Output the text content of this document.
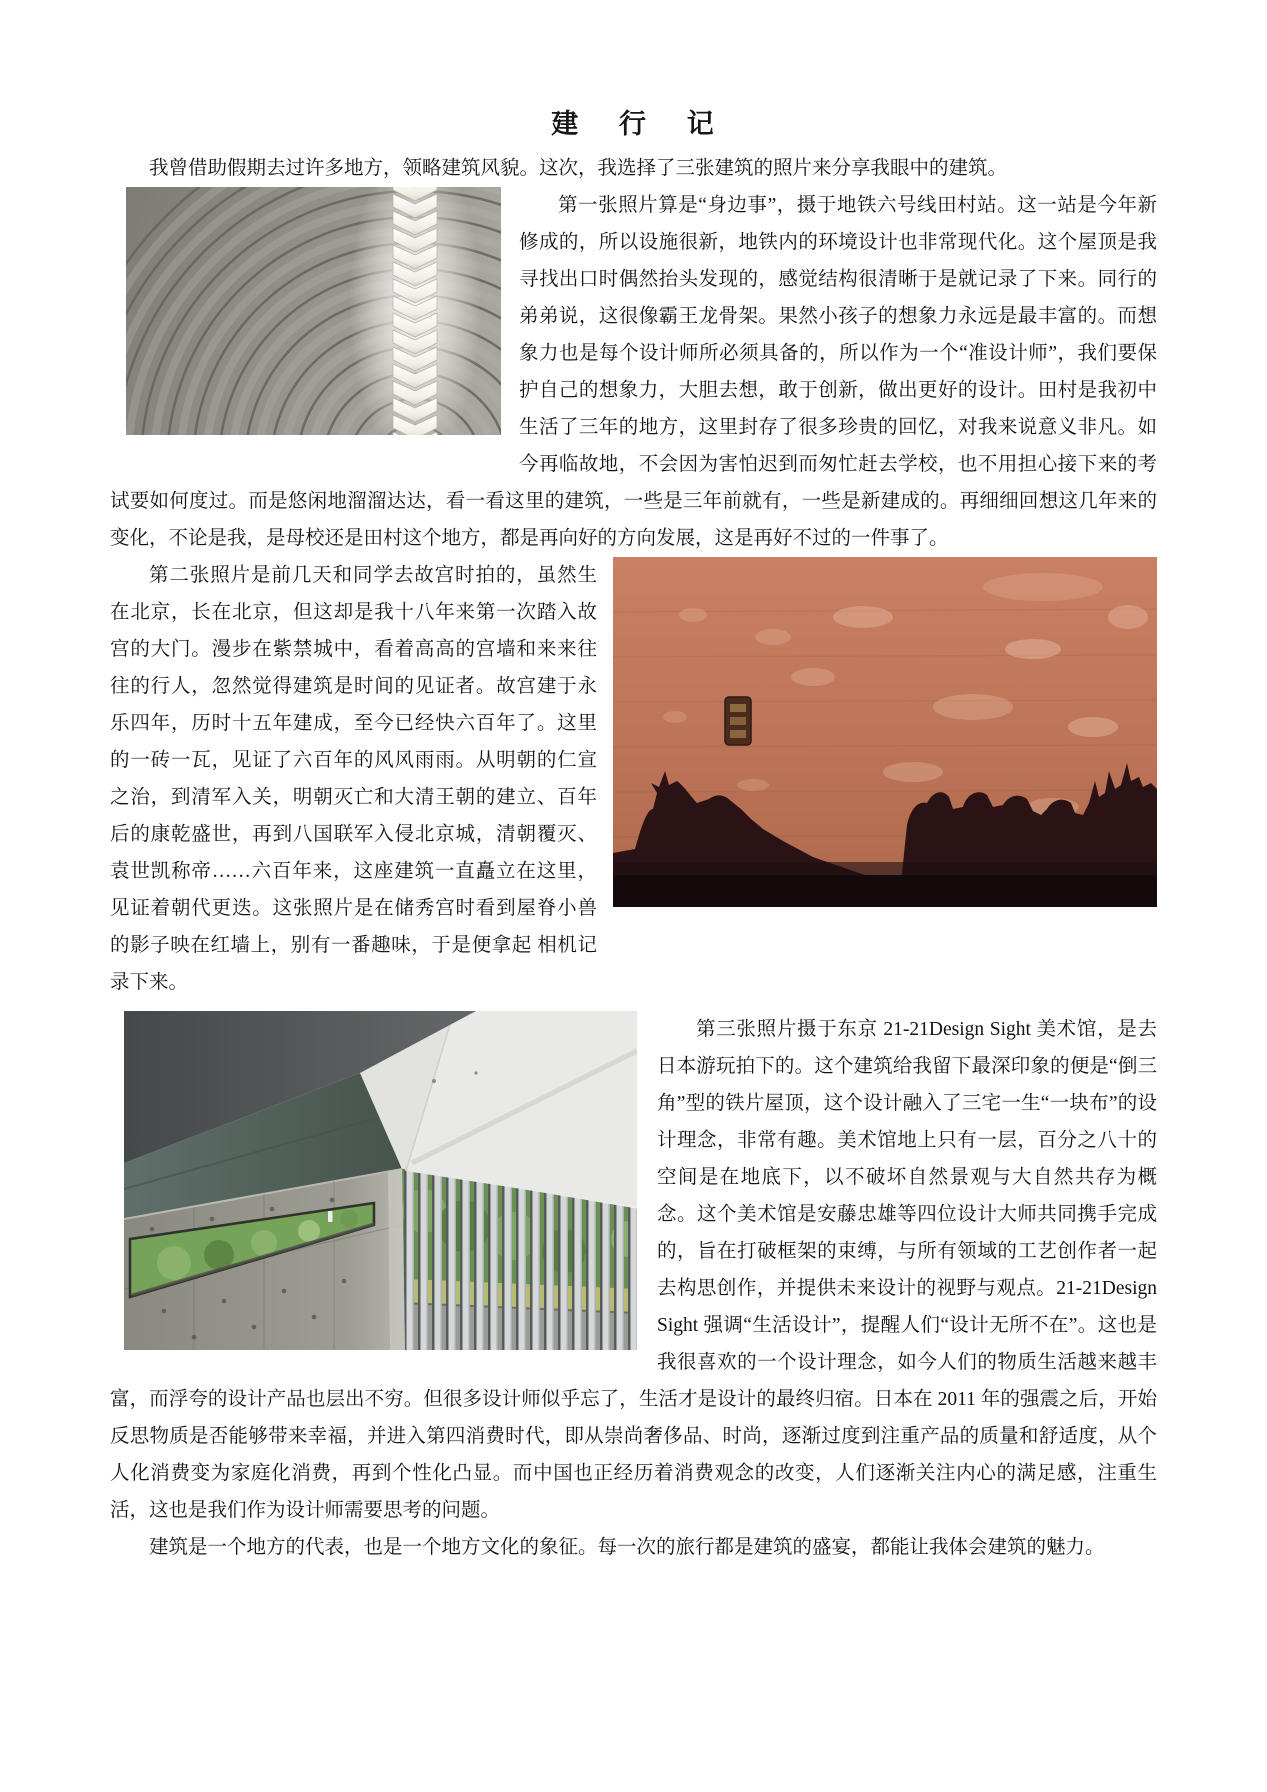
建 行 记

我曾借助假期去过许多地方，领略建筑风貌。这次，我选择了三张建筑的照片来分享我眼中的建筑。

第一张照片算是“身边事”，摄于地铁六号线田村站。这一站是今年新修成的，所以设施很新，地铁内的环境设计也非常现代化。这个屋顶是我寻找出口时偶然抬头发现的，感觉结构很清晰于是就记录了下来。同行的弟弟说，这很像霸王龙骨架。果然小孩子的想象力永远是最丰富的。而想象力也是每个设计师所必须具备的，所以作为一个“准设计师”，我们要保护自己的想象力，大胆去想，敢于创新，做出更好的设计。田村是我初中生活了三年的地方，这里封存了很多珍贵的回忆，对我来说意义非凡。如今再临故地，不会因为害怕迟到而匆忙赶去学校，也不用担心接下来的考试要如何度过。而是悠闲地溜溜达达，看一看这里的建筑，一些是三年前就有，一些是新建成的。再细细回想这几年来的变化，不论是我，是母校还是田村这个地方，都是再向好的方向发展，这是再好不过的一件事了。

第二张照片是前几天和同学去故宫时拍的，虽然生在北京，长在北京，但这却是我十八年来第一次踏入故宫的大门。漫步在紫禁城中，看着高高的宫墙和来来往往的行人，忽然觉得建筑是时间的见证者。故宫建于永乐四年，历时十五年建成，至今已经快六百年了。这里的一砖一瓦，见证了六百年的风风雨雨。从明朝的仁宣之治，到清军入关，明朝灭亡和大清王朝的建立、百年后的康乾盛世，再到八国联军入侵北京城，清朝覆灭、袁世凯称帝……六百年来，这座建筑一直矗立在这里，见证着朝代更迭。这张照片是在储秀宫时看到屋脊小兽的影子映在红墙上，别有一番趣味，于是便拿起 相机记录下来。

第三张照片摄于东京 21-21Design Sight 美术馆，是去日本游玩拍下的。这个建筑给我留下最深印象的便是“倒三角”型的铁片屋顶，这个设计融入了三宅一生“一块布”的设计理念，非常有趣。美术馆地上只有一层，百分之八十的空间是在地底下，以不破坏自然景观与大自然共存为概念。这个美术馆是安藤忠雄等四位设计大师共同携手完成的，旨在打破框架的束缚，与所有领域的工艺创作者一起去构思创作，并提供未来设计的视野与观点。21-21Design Sight 强调“生活设计”，提醒人们“设计无所不在”。这也是我很喜欢的一个设计理念，如今人们的物质生活越来越丰富，而浮夸的设计产品也层出不穷。但很多设计师似乎忘了，生活才是设计的最终归宿。日本在 2011 年的强震之后，开始反思物质是否能够带来幸福，并进入第四消费时代，即从崇尚奢侈品、时尚，逐渐过度到注重产品的质量和舒适度，从个人化消费变为家庭化消费，再到个性化凸显。而中国也正经历着消费观念的改变，人们逐渐关注内心的满足感，注重生活，这也是我们作为设计师需要思考的问题。

建筑是一个地方的代表，也是一个地方文化的象征。每一次的旅行都是建筑的盛宴，都能让我体会建筑的魅力。
